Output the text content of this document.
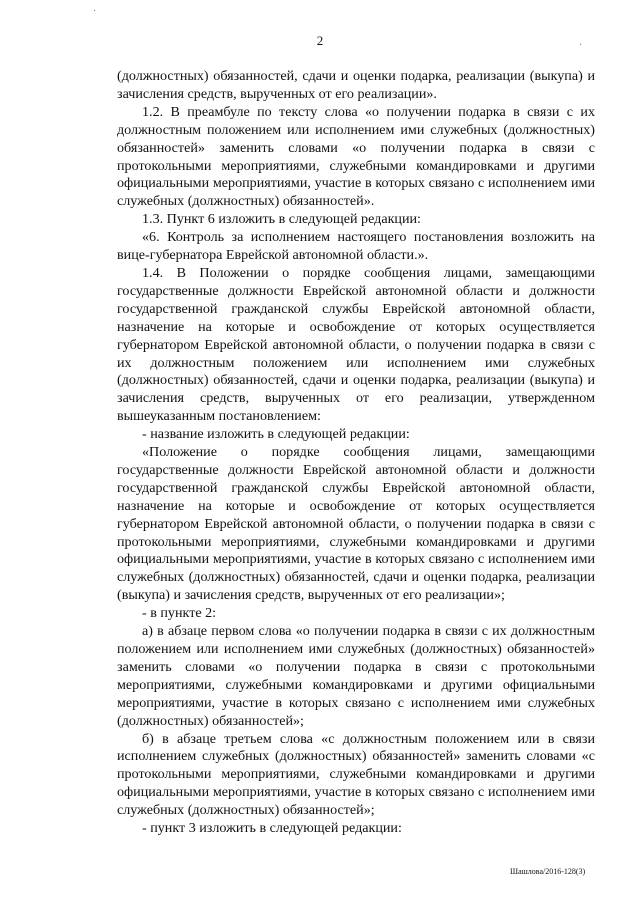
2
·
·

(должностных) обязанностей, сдачи и оценки подарка, реализации (выкупа) и зачисления средств, вырученных от его реализации».

1.2. В преамбуле по тексту слова «о получении подарка в связи с их должностным положением или исполнением ими служебных (должностных) обязанностей» заменить словами «о получении подарка в связи с протокольными мероприятиями, служебными командировками и другими официальными мероприятиями, участие в которых связано с исполнением ими служебных (должностных) обязанностей».

1.3. Пункт 6 изложить в следующей редакции:

«6. Контроль за исполнением настоящего постановления возложить на вице-губернатора Еврейской автономной области.».

1.4. В Положении о порядке сообщения лицами, замещающими государственные должности Еврейской автономной области и должности государственной гражданской службы Еврейской автономной области, назначение на которые и освобождение от которых осуществляется губернатором Еврейской автономной области, о получении подарка в связи с их должностным положением или исполнением ими служебных (должностных) обязанностей, сдачи и оценки подарка, реализации (выкупа) и зачисления средств, вырученных от его реализации, утвержденном вышеуказанным постановлением:

- название изложить в следующей редакции:

«Положение о порядке сообщения лицами, замещающими государственные должности Еврейской автономной области и должности государственной гражданской службы Еврейской автономной области, назначение на которые и освобождение от которых осуществляется губернатором Еврейской автономной области, о получении подарка в связи с протокольными мероприятиями, служебными командировками и другими официальными мероприятиями, участие в которых связано с исполнением ими служебных (должностных) обязанностей, сдачи и оценки подарка, реализации (выкупа) и зачисления средств, вырученных от его реализации»;

- в пункте 2:

а) в абзаце первом слова «о получении подарка в связи с их должностным положением или исполнением ими служебных (должностных) обязанностей» заменить словами «о получении подарка в связи с протокольными мероприятиями, служебными командировками и другими официальными мероприятиями, участие в которых связано с исполнением ими служебных (должностных) обязанностей»;

б) в абзаце третьем слова «с должностным положением или в связи исполнением служебных (должностных) обязанностей» заменить словами «с протокольными мероприятиями, служебными командировками и другими официальными мероприятиями, участие в которых связано с исполнением ими служебных (должностных) обязанностей»;

- пункт 3 изложить в следующей редакции:

Шашлова/2016-128(3)
